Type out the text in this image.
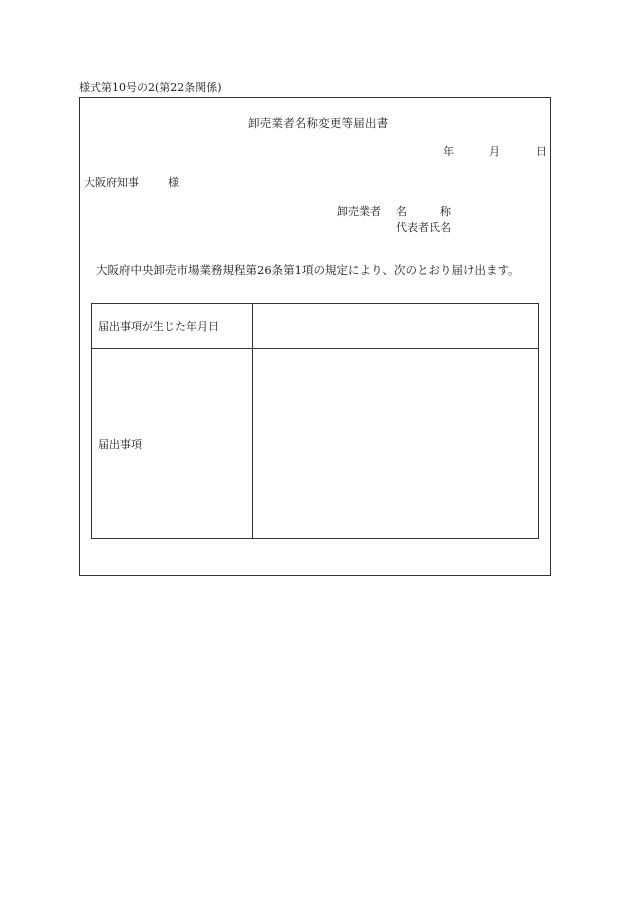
様式第10号の2(第22条関係)
卸売業者名称変更等届出書
年	月	日
大阪府知事	様
卸売業者 名	称
代表者氏名
大阪府中央卸売市場業務規程第26条第1項の規定により、次のとおり届け出ます。
届出事項が生じた年月日	
届出事項	
